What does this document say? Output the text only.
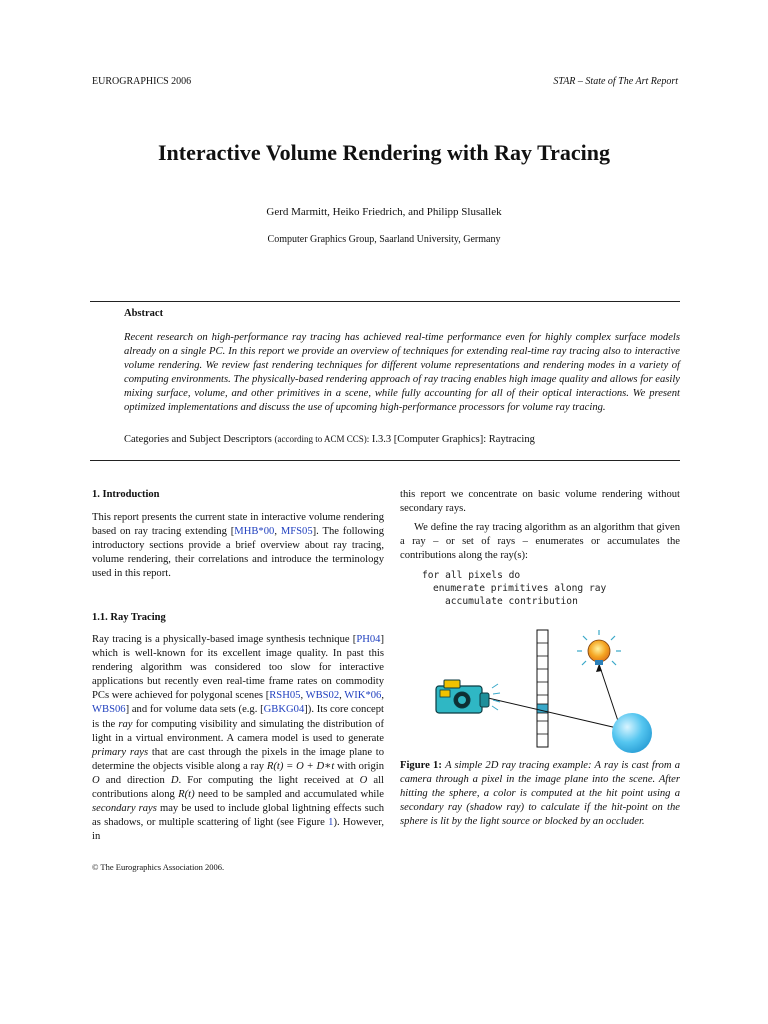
EUROGRAPHICS 2006	STAR – State of The Art Report
Interactive Volume Rendering with Ray Tracing
Gerd Marmitt, Heiko Friedrich, and Philipp Slusallek
Computer Graphics Group, Saarland University, Germany
Abstract

Recent research on high-performance ray tracing has achieved real-time performance even for highly complex surface models already on a single PC. In this report we provide an overview of techniques for extending real-time ray tracing also to interactive volume rendering. We review fast rendering techniques for different volume representations and rendering modes in a variety of computing environments. The physically-based rendering approach of ray tracing enables high image quality and allows for easily mixing surface, volume, and other primitives in a scene, while fully accounting for all of their optical interactions. We present optimized implementations and discuss the use of upcoming high-performance processors for volume ray tracing.

Categories and Subject Descriptors (according to ACM CCS): I.3.3 [Computer Graphics]: Raytracing
1. Introduction

This report presents the current state in interactive volume rendering based on ray tracing extending [MHB*00, MFS05]. The following introductory sections provide a brief overview about ray tracing, volume rendering, their correlations and introduce the terminology used in this report.

1.1. Ray Tracing

Ray tracing is a physically-based image synthesis technique [PH04] which is well-known for its excellent image quality. In past this rendering algorithm was considered too slow for interactive applications but recently even real-time frame rates on commodity PCs were achieved for polygonal scenes [RSH05, WBS02, WIK*06, WBS06] and for volume data sets (e.g. [GBKG04]). Its core concept is the ray for computing visibility and simulating the distribution of light in a virtual environment. A camera model is used to generate primary rays that are cast through the pixels in the image plane to determine the objects visible along a ray R(t) = O + D∗t with origin O and direction D. For computing the light received at O all contributions along R(t) need to be sampled and accumulated while secondary rays may be used to include global lightning effects such as shadows, or multiple scattering of light (see Figure 1). However, in

this report we concentrate on basic volume rendering without secondary rays.
We define the ray tracing algorithm as an algorithm that given a ray – or set of rays – enumerates or accumulates the contributions along the ray(s):
for all pixels do
enumerate primitives along ray
accumulate contribution
Figure 1: A simple 2D ray tracing example: A ray is cast from a camera through a pixel in the image plane into the scene. After hitting the sphere, a color is computed at the hit point using a secondary ray (shadow ray) to calculate if the hit-point on the sphere is lit by the light source or blocked by an occluder.
© The Eurographics Association 2006.
